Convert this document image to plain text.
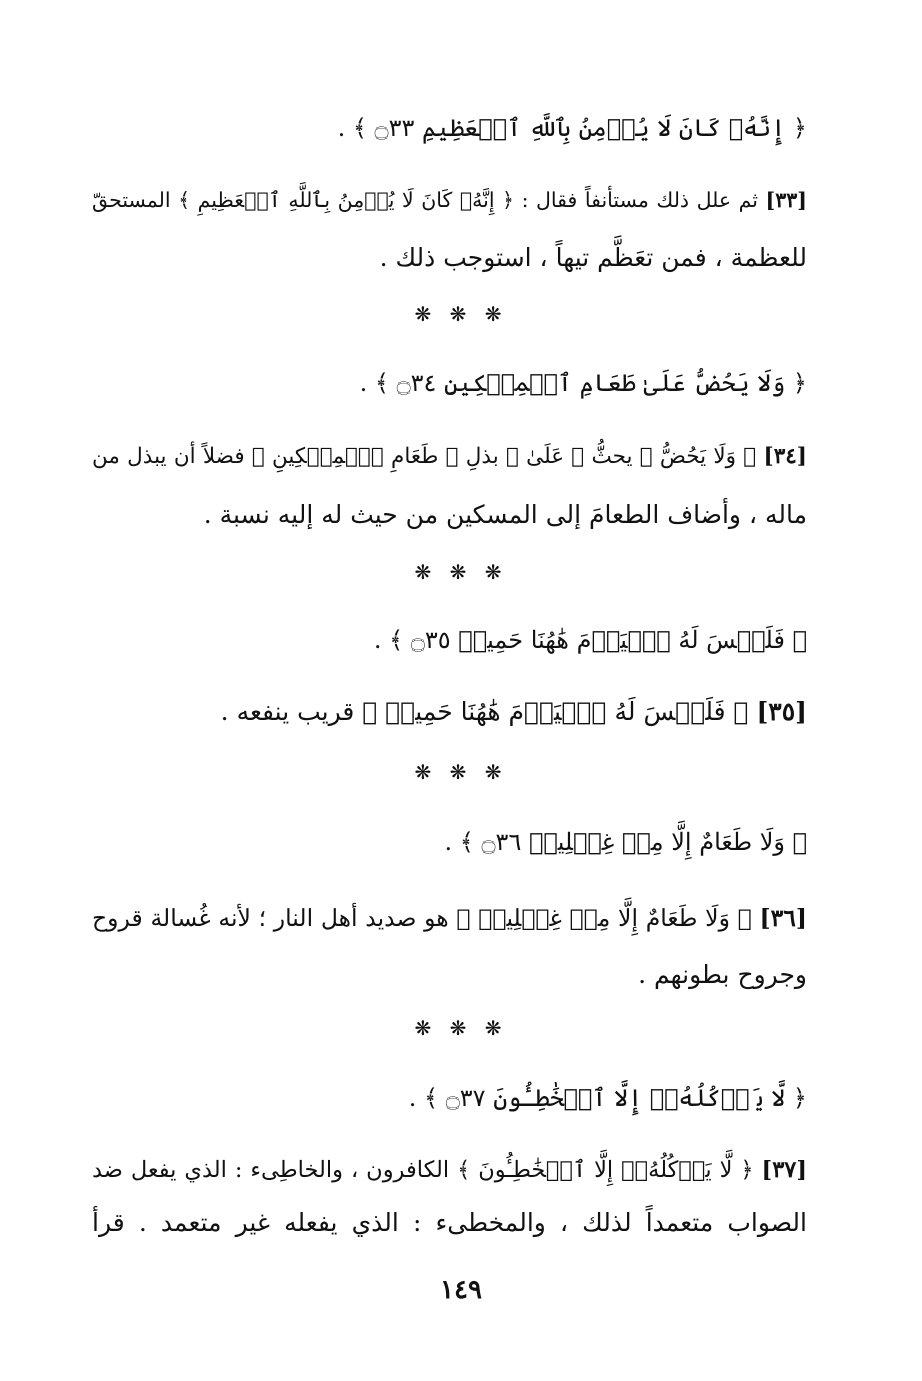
﴿ إِنَّهُۥ كَانَ لَا يُؤۡمِنُ بِٱللَّهِ ٱلۡعَظِيمِ ۝٣٣ ﴾ .
[٣٣] ثم علل ذلك مستأنفاً فقال : ﴿ إِنَّهُۥ كَانَ لَا يُؤۡمِنُ بِٱللَّهِ ٱلۡعَظِيمِ ﴾ المستحقّ
للعظمة ، فمن تعَظَّم تيهاً ، استوجب ذلك .
❋ ❋ ❋
﴿ وَلَا يَحُضُّ عَلَىٰ طَعَامِ ٱلۡمِسۡكِينِ ۝٣٤ ﴾ .
[٣٤] ﴿ وَلَا يَحُضُّ ﴾ يحثُّ ﴿ عَلَىٰ ﴾ بذلِ ﴿ طَعَامِ ٱلۡمِسۡكِينِ ﴾ فضلاً أن يبذل من
ماله ، وأضاف الطعامَ إلى المسكين من حيث له إليه نسبة .
❋ ❋ ❋
﴿ فَلَيۡسَ لَهُ ٱلۡيَوۡمَ هَٰهُنَا حَمِيمٞ ۝٣٥ ﴾ .
[٣٥] ﴿ فَلَيۡسَ لَهُ ٱلۡيَوۡمَ هَٰهُنَا حَمِيمٞ ﴾ قريب ينفعه .
❋ ❋ ❋
﴿ وَلَا طَعَامٌ إِلَّا مِنۡ غِسۡلِينٖ ۝٣٦ ﴾ .
[٣٦] ﴿ وَلَا طَعَامٌ إِلَّا مِنۡ غِسۡلِينٖ ﴾ هو صديد أهل النار ؛ لأنه غُسالة قروح
وجروح بطونهم .
❋ ❋ ❋
﴿ لَّا يَأۡكُلُهُۥٓ إِلَّا ٱلۡخَٰطِـُٔونَ ۝٣٧ ﴾ .
[٣٧] ﴿ لَّا يَأۡكُلُهُۥٓ إِلَّا ٱلۡخَٰطِـُٔونَ ﴾ الكافرون ، والخاطِىء : الذي يفعل ضد
الصواب متعمداً لذلك ، والمخطىء : الذي يفعله غير متعمد . قرأ
١٤٩
